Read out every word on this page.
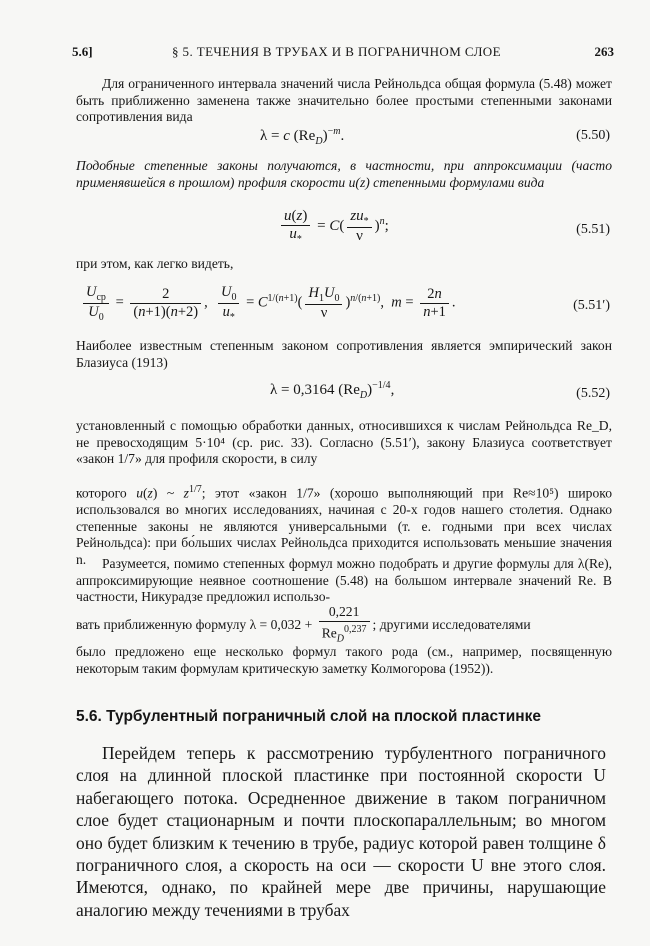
5.6]	§ 5. ТЕЧЕНИЯ В ТРУБАХ И В ПОГРАНИЧНОМ СЛОЕ	263
Для ограниченного интервала значений числа Рейнольдса общая формула (5.48) может быть приближенно заменена также значительно более простыми степенными законами сопротивления вида
λ = c $(Re_D)^{-m}$.	(5.50)
Подобные степенные законы получаются, в частности, при аппроксимации (часто применявшейся в прошлом) профиля скорости u(z) степенными формулами вида
$\frac{u(z)}{u_*} = C( \frac{zu_*}{\nu} )^n$;	(5.51)
при этом, как легко видеть,
$\frac{U_{cp}}{U_0} = \frac{2}{(n+1)(n+2)}$ , $\frac{U_0}{u_*} = C^{1/(n+1)}( \frac{H_1U_0}{\nu} )^{n/(n+1)}$,  $m = \frac{2n}{n+1}$ .	(5.51′)
Наиболее известным степенным законом сопротивления является эмпирический закон Блазиуса (1913)
λ = 0,3164 $(Re_D)^{-1/4}$,	(5.52)
установленный с помощью обработки данных, относившихся к числам Рейнольдса Re_D, не превосходящим 5·10⁴ (ср. рис. 33). Согласно (5.51′), закону Блазиуса соответствует «закон 1/7» для профиля скорости, в силу
которого u(z) ~ $z^{1/7}$; этот «закон 1/7» (хорошо выполняющий при Re≈10⁵) широко использовался во многих исследованиях, начиная с 20-х годов нашего столетия. Однако степенные законы не являются универсальными (т. е. годными при всех числах Рейнольдса): при бо́льших числах Рейнольдса приходится использовать меньшие значения n.	Разумеется, помимо степенных формул можно подобрать и другие формулы для λ(Re), аппроксимирующие неявное соотношение (5.48) на большом интервале значений Re. В частности, Никурадзе предложил использо-
вать приближенную формулу $\lambda = 0,032 + \frac{0,221}{Re_D^{0,237}}$ ; другими исследователями
было предложено еще несколько формул такого рода (см., например, посвященную некоторым таким формулам критическую заметку Колмогорова (1952)).
5.6. Турбулентный пограничный слой на плоской пластинке
Перейдем теперь к рассмотрению турбулентного пограничного слоя на длинной плоской пластинке при постоянной скорости U набегающего потока. Осредненное движение в таком пограничном слое будет стационарным и почти плоскопараллельным; во многом оно будет близким к течению в трубе, радиус которой равен толщине δ пограничного слоя, а скорость на оси — скорости U вне этого слоя. Имеются, однако, по крайней мере две причины, нарушающие аналогию между течениями в трубах
